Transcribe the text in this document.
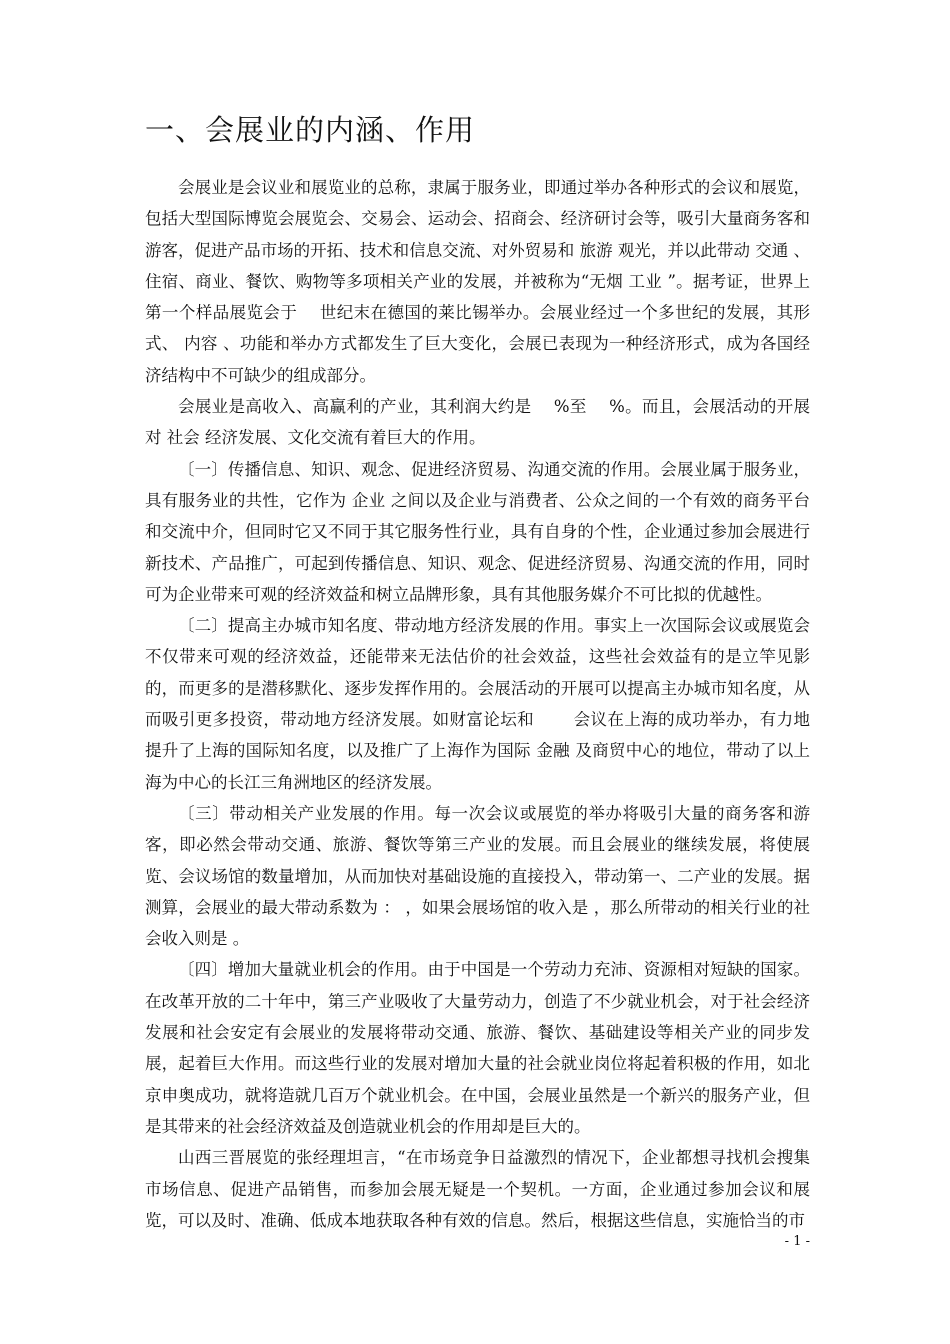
一、会展业的内涵、作用

会展业是会议业和展览业的总称，隶属于服务业，即通过举办各种形式的会议和展览，包括大型国际博览会展览会、交易会、运动会、招商会、经济研讨会等，吸引大量商务客和游客，促进产品市场的开拓、技术和信息交流、对外贸易和 旅游 观光，并以此带动 交通 、住宿、商业、餐饮、购物等多项相关产业的发展，并被称为“无烟 工业 ”。据考证，世界上第一个样品展览会于　 世纪末在德国的莱比锡举办。会展业经过一个多世纪的发展，其形式、 内容 、功能和举办方式都发生了巨大变化，会展已表现为一种经济形式，成为各国经济结构中不可缺少的组成部分。

会展业是高收入、高赢利的产业，其利润大约是　 %至　 %。而且，会展活动的开展对 社会 经济发展、文化交流有着巨大的作用。

〔一〕传播信息、知识、观念、促进经济贸易、沟通交流的作用。会展业属于服务业，具有服务业的共性，它作为 企业 之间以及企业与消费者、公众之间的一个有效的商务平台和交流中介，但同时它又不同于其它服务性行业，具有自身的个性，企业通过参加会展进行新技术、产品推广，可起到传播信息、知识、观念、促进经济贸易、沟通交流的作用，同时可为企业带来可观的经济效益和树立品牌形象，具有其他服务媒介不可比拟的优越性。

〔二〕提高主办城市知名度、带动地方经济发展的作用。事实上一次国际会议或展览会不仅带来可观的经济效益，还能带来无法估价的社会效益，这些社会效益有的是立竿见影的，而更多的是潜移默化、逐步发挥作用的。会展活动的开展可以提高主办城市知名度，从而吸引更多投资，带动地方经济发展。如财富论坛和　　 会议在上海的成功举办，有力地提升了上海的国际知名度，以及推广了上海作为国际 金融 及商贸中心的地位，带动了以上海为中心的长江三角洲地区的经济发展。

〔三〕带动相关产业发展的作用。每一次会议或展览的举办将吸引大量的商务客和游客，即必然会带动交通、旅游、餐饮等第三产业的发展。而且会展业的继续发展，将使展览、会议场馆的数量增加，从而加快对基础设施的直接投入，带动第一、二产业的发展。据测算，会展业的最大带动系数为 ： ，如果会展场馆的收入是 ，那么所带动的相关行业的社会收入则是 。

〔四〕增加大量就业机会的作用。由于中国是一个劳动力充沛、资源相对短缺的国家。在改革开放的二十年中，第三产业吸收了大量劳动力，创造了不少就业机会，对于社会经济发展和社会安定有会展业的发展将带动交通、旅游、餐饮、基础建设等相关产业的同步发展，起着巨大作用。而这些行业的发展对增加大量的社会就业岗位将起着积极的作用，如北京申奥成功，就将造就几百万个就业机会。在中国，会展业虽然是一个新兴的服务产业，但是其带来的社会经济效益及创造就业机会的作用却是巨大的。

山西三晋展览的张经理坦言，“在市场竞争日益激烈的情况下，企业都想寻找机会搜集市场信息、促进产品销售，而参加会展无疑是一个契机。一方面，企业通过参加会议和展览，可以及时、准确、低成本地获取各种有效的信息。然后，根据这些信息，实施恰当的市

- 1 -
